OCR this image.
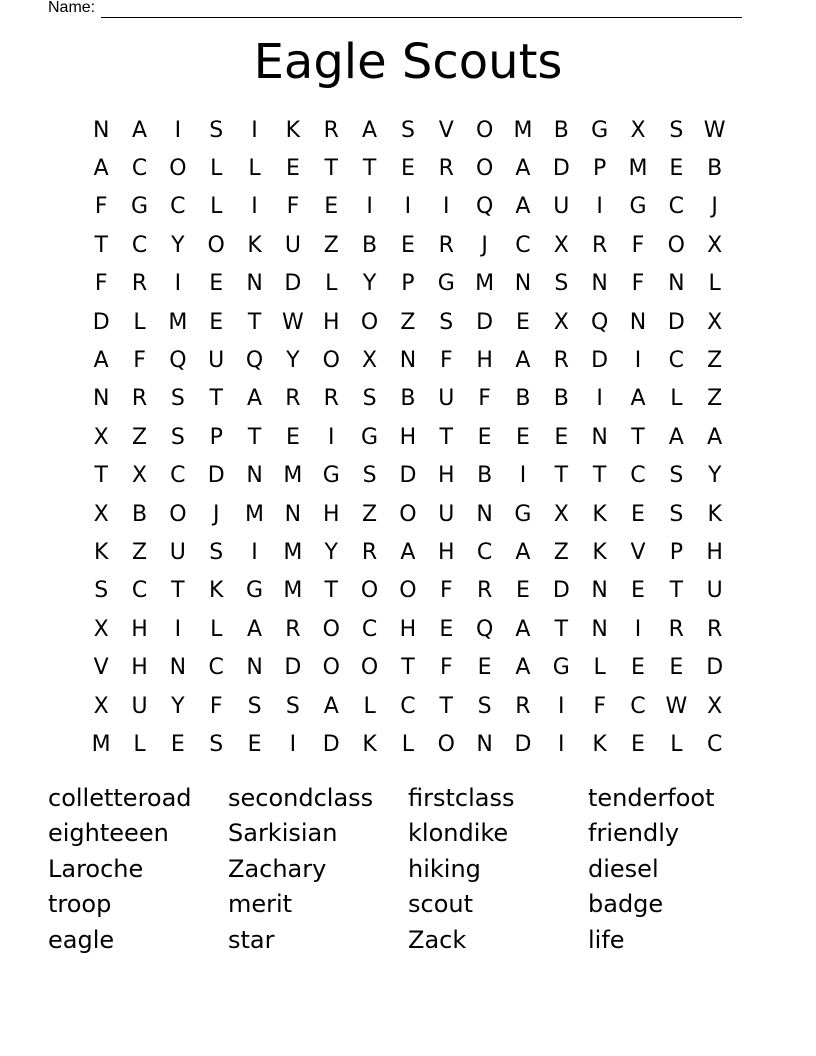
Name:
Eagle Scouts
N	A	I	S	I	K	R	A	S	V	O M B	G	X	S W
A	C O	L	L	E	T	T	E	R	O	A	D	P	M E	B
F	G	C	L	I	F	E	I	I	I	Q	A	U	I	G	C	J
T	C	Y	O	K	U	Z	B	E	R	J	C	X	R	F	O	X
F	R	I	E	N D	L	Y	P	G M N	S	N	F	N	L
D	L	M E	T W H O	Z	S	D	E	X	Q N D	X
A	F	Q U Q	Y	O	X	N	F	H	A	R	D	I	C	Z
N	R	S	T	A	R	R	S	B	U	F	B	B	I	A	L	Z
X	Z	S	P	T	E	I	G H	T	E	E	E	N	T	A	A
T	X	C	D N M G	S	D H	B	I	T	T	C	S	Y
X	B	O	J	M N H	Z	O U	N G	X	K	E	S	K
K	Z	U	S	I	M	Y	R	A	H	C	A	Z	K	V	P	H
S	C	T	K	G M	T	O O	F	R	E	D N	E	T	U
X	H	I	L	A	R	O	C	H	E	Q	A	T	N	I	R	R
V	H N	C	N D O O	T	F	E	A	G	L	E	E	D
X	U	Y	F	S	S	A	L	C	T	S	R	I	F	C W X
M	L	E	S	E	I	D	K	L	O N D	I	K	E	L	C
colletteroad	secondclass	firstclass	tenderfoot
eighteeen	Sarkisian	klondike	friendly
Laroche	Zachary	hiking	diesel
troop	merit	scout	badge
eagle	star	Zack	life
